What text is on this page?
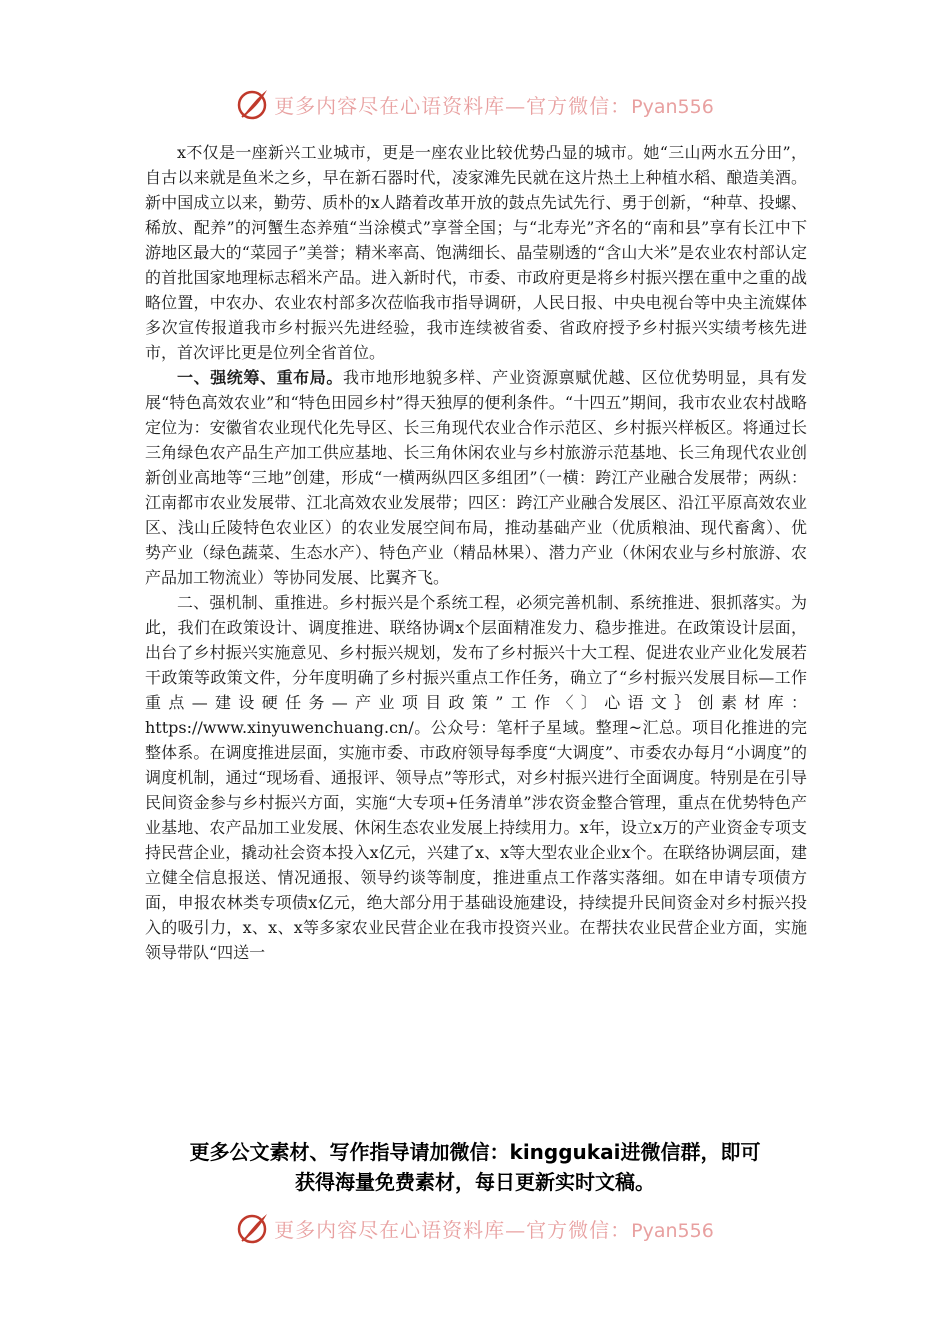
更多内容尽在心语资料库—官方微信：Pyan556

x不仅是一座新兴工业城市，更是一座农业比较优势凸显的城市。她“三山两水五分田”，自古以来就是鱼米之乡，早在新石器时代，凌家滩先民就在这片热土上种植水稻、酿造美酒。新中国成立以来，勤劳、质朴的x人踏着改革开放的鼓点先试先行、勇于创新，“种草、投螺、稀放、配养”的河蟹生态养殖“当涂模式”享誉全国；与“北寿光”齐名的“南和县”享有长江中下游地区最大的“菜园子”美誉；精米率高、饱满细长、晶莹剔透的“含山大米”是农业农村部认定的首批国家地理标志稻米产品。进入新时代，市委、市政府更是将乡村振兴摆在重中之重的战略位置，中农办、农业农村部多次莅临我市指导调研，人民日报、中央电视台等中央主流媒体多次宣传报道我市乡村振兴先进经验，我市连续被省委、省政府授予乡村振兴实绩考核先进市，首次评比更是位列全省首位。

一、强统筹、重布局。我市地形地貌多样、产业资源禀赋优越、区位优势明显，具有发展“特色高效农业”和“特色田园乡村”得天独厚的便利条件。“十四五”期间，我市农业农村战略定位为：安徽省农业现代化先导区、长三角现代农业合作示范区、乡村振兴样板区。将通过长三角绿色农产品生产加工供应基地、长三角休闲农业与乡村旅游示范基地、长三角现代农业创新创业高地等“三地”创建，形成“一横两纵四区多组团”（一横：跨江产业融合发展带；两纵：江南都市农业发展带、江北高效农业发展带；四区：跨江产业融合发展区、沿江平原高效农业区、浅山丘陵特色农业区）的农业发展空间布局，推动基础产业（优质粮油、现代畜禽）、优势产业（绿色蔬菜、生态水产）、特色产业（精品林果）、潜力产业（休闲农业与乡村旅游、农产品加工物流业）等协同发展、比翼齐飞。

二、强机制、重推进。乡村振兴是个系统工程，必须完善机制、系统推进、狠抓落实。为此，我们在政策设计、调度推进、联络协调x个层面精准发力、稳步推进。在政策设计层面，出台了乡村振兴实施意见、乡村振兴规划，发布了乡村振兴十大工程、促进农业产业化发展若干政策等政策文件，分年度明确了乡村振兴重点工作任务，确立了“乡村振兴发展目标—工作重点—建设硬任务—产业项目政策”工作〈〕心语文｝创素材库：https://www.xinyuwenchuang.cn/。公众号：笔杆子星域。整理~汇总。项目化推进的完整体系。在调度推进层面，实施市委、市政府领导每季度“大调度”、市委农办每月“小调度”的调度机制，通过“现场看、通报评、领导点”等形式，对乡村振兴进行全面调度。特别是在引导民间资金参与乡村振兴方面，实施“大专项+任务清单”涉农资金整合管理，重点在优势特色产业基地、农产品加工业发展、休闲生态农业发展上持续用力。x年，设立x万的产业资金专项支持民营企业，撬动社会资本投入x亿元，兴建了x、x等大型农业企业x个。在联络协调层面，建立健全信息报送、情况通报、领导约谈等制度，推进重点工作落实落细。如在申请专项债方面，申报农林类专项债x亿元，绝大部分用于基础设施建设，持续提升民间资金对乡村振兴投入的吸引力，x、x、x等多家农业民营企业在我市投资兴业。在帮扶农业民营企业方面，实施领导带队“四送一

更多公文素材、写作指导请加微信：kinggukai进微信群，即可
获得海量免费素材，每日更新实时文稿。
更多内容尽在心语资料库—官方微信：Pyan556
